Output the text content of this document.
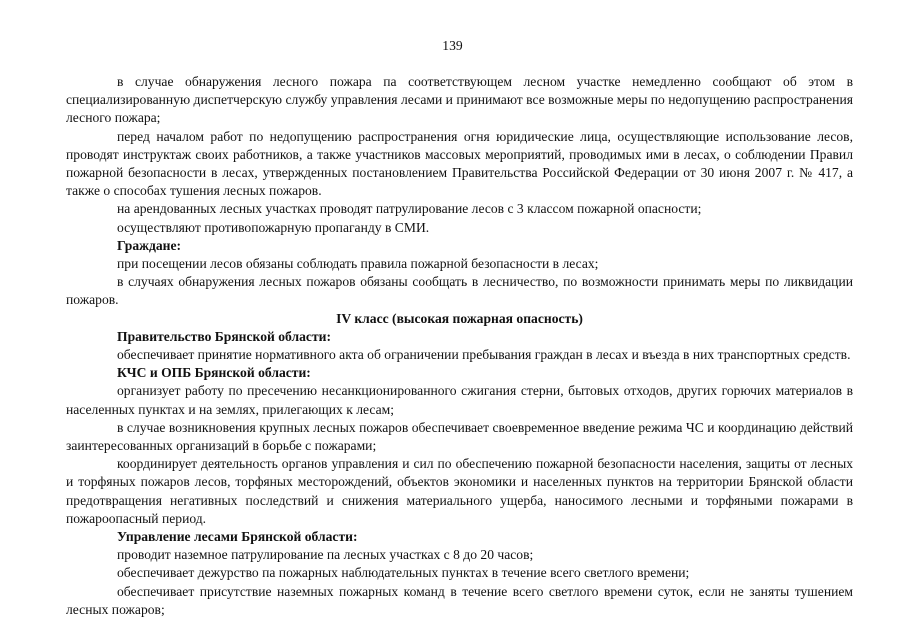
139

в случае обнаружения лесного пожара па соответствующем лесном участке немедленно сообщают об этом в специализированную диспетчерскую службу управления лесами и принимают все возможные меры по недопущению распространения лесного пожара;

перед началом работ по недопущению распространения огня юридические лица, осуществляющие использование лесов, проводят инструктаж своих работников, а также участников массовых мероприятий, проводимых ими в лесах, о соблюдении Правил пожарной безопасности в лесах, утвержденных постановлением Правительства Российской Федерации от 30 июня 2007 г. № 417, а также о способах тушения лесных пожаров.

на арендованных лесных участках проводят патрулирование лесов с 3 классом пожарной опасности;

осуществляют противопожарную пропаганду в СМИ.

Граждане:

при посещении лесов обязаны соблюдать правила пожарной безопасности в лесах;

в случаях обнаружения лесных пожаров обязаны сообщать в лесничество, по возможности принимать меры по ликвидации пожаров.

IV класс (высокая пожарная опасность)

Правительство Брянской области:

обеспечивает принятие нормативного акта об ограничении пребывания граждан в лесах и въезда в них транспортных средств.

КЧС и ОПБ Брянской области:

организует работу по пресечению несанкционированного сжигания стерни, бытовых отходов, других горючих материалов в населенных пунктах и на землях, прилегающих к лесам;

в случае возникновения крупных лесных пожаров обеспечивает своевременное введение режима ЧС и координацию действий заинтересованных организаций в борьбе с пожарами;

координирует деятельность органов управления и сил по обеспечению пожарной безопасности населения, защиты от лесных и торфяных пожаров лесов, торфяных месторождений, объектов экономики и населенных пунктов на территории Брянской области предотвращения негативных последствий и снижения материального ущерба, наносимого лесными и торфяными пожарами в пожароопасный период.

Управление лесами Брянской области:

проводит наземное патрулирование па лесных участках с 8 до 20 часов;

обеспечивает дежурство па пожарных наблюдательных пунктах в течение всего светлого времени;

обеспечивает присутствие наземных пожарных команд в течение всего светлого времени суток, если не заняты тушением лесных пожаров;
